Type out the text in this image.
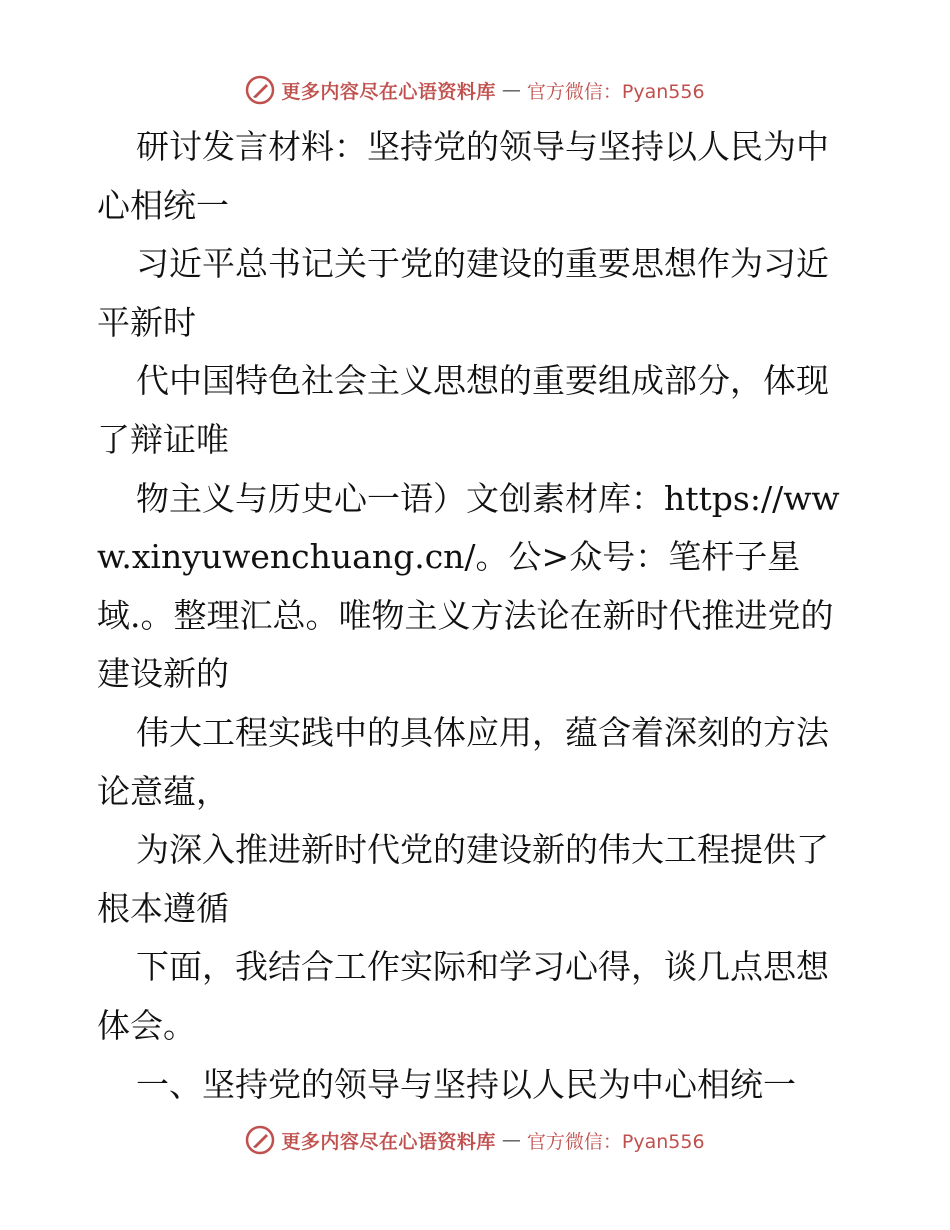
更多内容尽在心语资料库 — 官方微信：Pyan556

研讨发言材料：坚持党的领导与坚持以人民为中心相统一

习近平总书记关于党的建设的重要思想作为习近平新时

代中国特色社会主义思想的重要组成部分，体现了辩证唯

物主义与历史心一语）文创素材库：https://www.xinyuwenchuang.cn/。公>众号：笔杆子星域.。整理汇总。唯物主义方法论在新时代推进党的建设新的

伟大工程实践中的具体应用，蕴含着深刻的方法论意蕴，

为深入推进新时代党的建设新的伟大工程提供了根本遵循

下面，我结合工作实际和学习心得，谈几点思想体会。

一、坚持党的领导与坚持以人民为中心相统一

更多内容尽在心语资料库 — 官方微信：Pyan556
